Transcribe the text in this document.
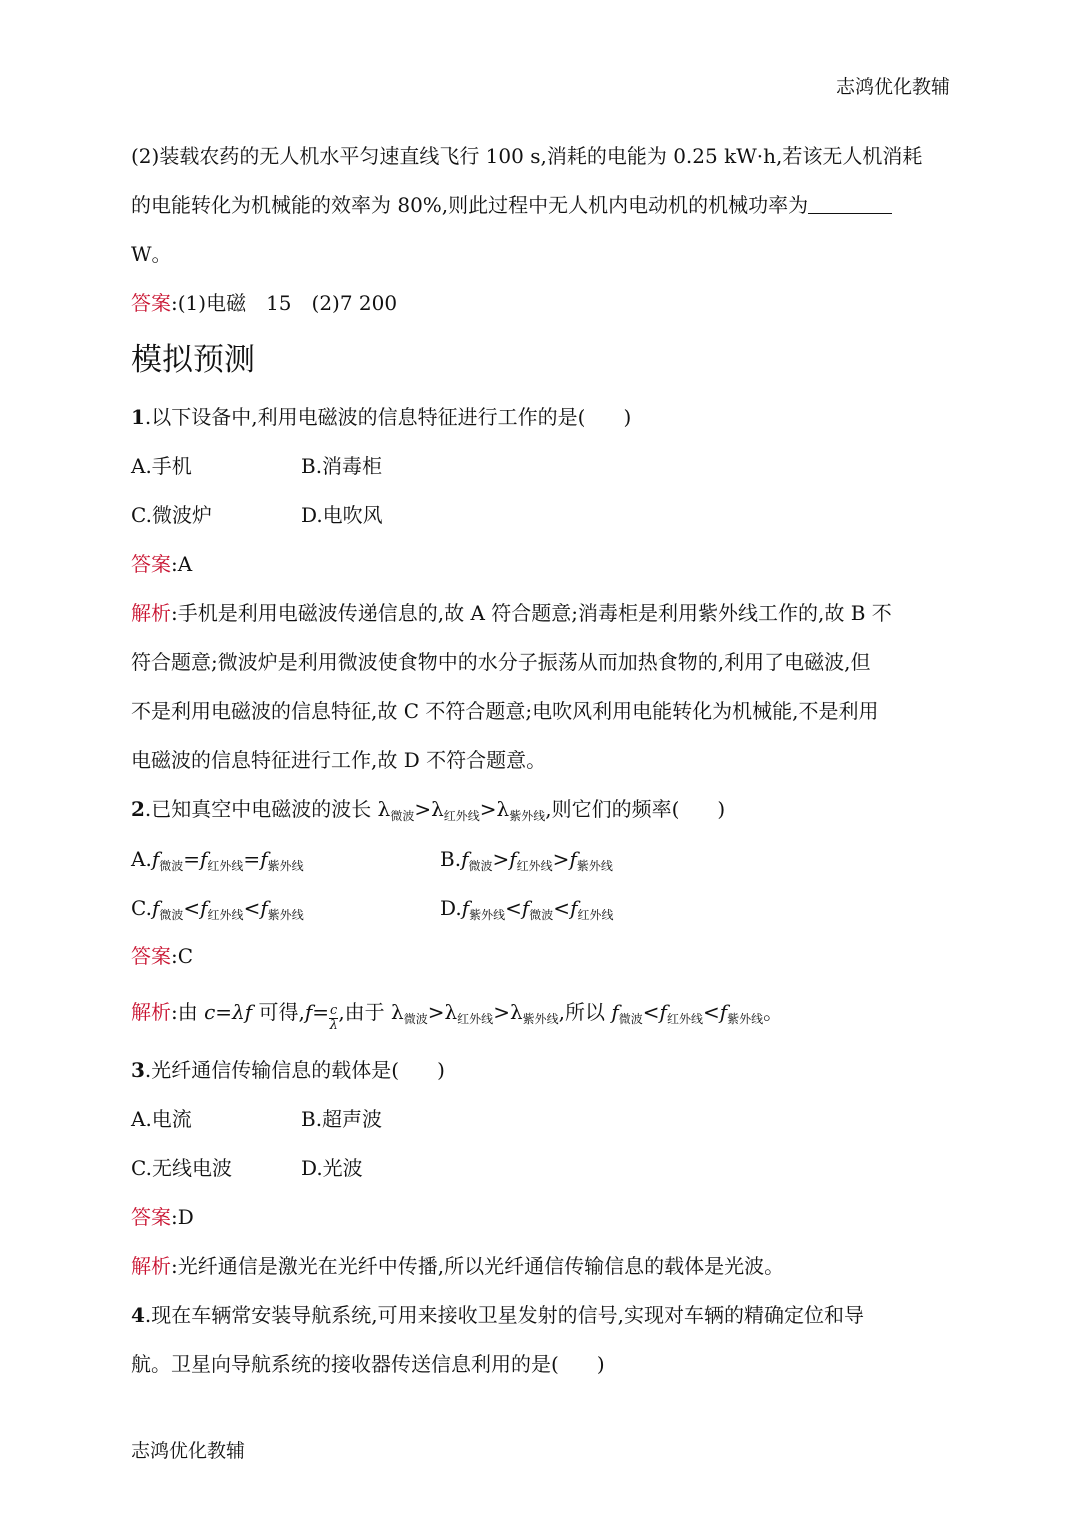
志鸿优化教辅
(2)装载农药的无人机水平匀速直线飞行 100 s,消耗的电能为 0.25 kW·h,若该无人机消耗
的电能转化为机械能的效率为 80%,则此过程中无人机内电动机的机械功率为
W。
答案:(1)电磁　15　(2)7 200
模拟预测
1.以下设备中,利用电磁波的信息特征进行工作的是( )
A.手机	B.消毒柜
C.微波炉	D.电吹风
答案:A
解析:手机是利用电磁波传递信息的,故 A 符合题意;消毒柜是利用紫外线工作的,故 B 不
符合题意;微波炉是利用微波使食物中的水分子振荡从而加热食物的,利用了电磁波,但
不是利用电磁波的信息特征,故 C 不符合题意;电吹风利用电能转化为机械能,不是利用
电磁波的信息特征进行工作,故 D 不符合题意。
2.已知真空中电磁波的波长 $\lambda_{微波}>\lambda_{红外线}>\lambda_{紫外线}$,则它们的频率( )
$A.f_{微波}=f_{红外线}=f_{紫外线}$	$B.f_{微波}>f_{红外线}>f_{紫外线}$
$C.f_{微波}<f_{红外线}<f_{紫外线}$	$D.f_{紫外线}<f_{微波}<f_{红外线}$
答案:C
解析:由 c=λf 可得$,f= \frac{c}{\lambda}$ ,由于 $\lambda_{微波}>\lambda_{红外线}>\lambda_{紫外线}$,所以 $f_{微波}<f_{红外线}<f_{紫外线}$。
3.光纤通信传输信息的载体是( )
A.电流	B.超声波
C.无线电波	D.光波
答案:D
解析:光纤通信是激光在光纤中传播,所以光纤通信传输信息的载体是光波。
4.现在车辆常安装导航系统,可用来接收卫星发射的信号,实现对车辆的精确定位和导
航。卫星向导航系统的接收器传送信息利用的是( )
志鸿优化教辅
